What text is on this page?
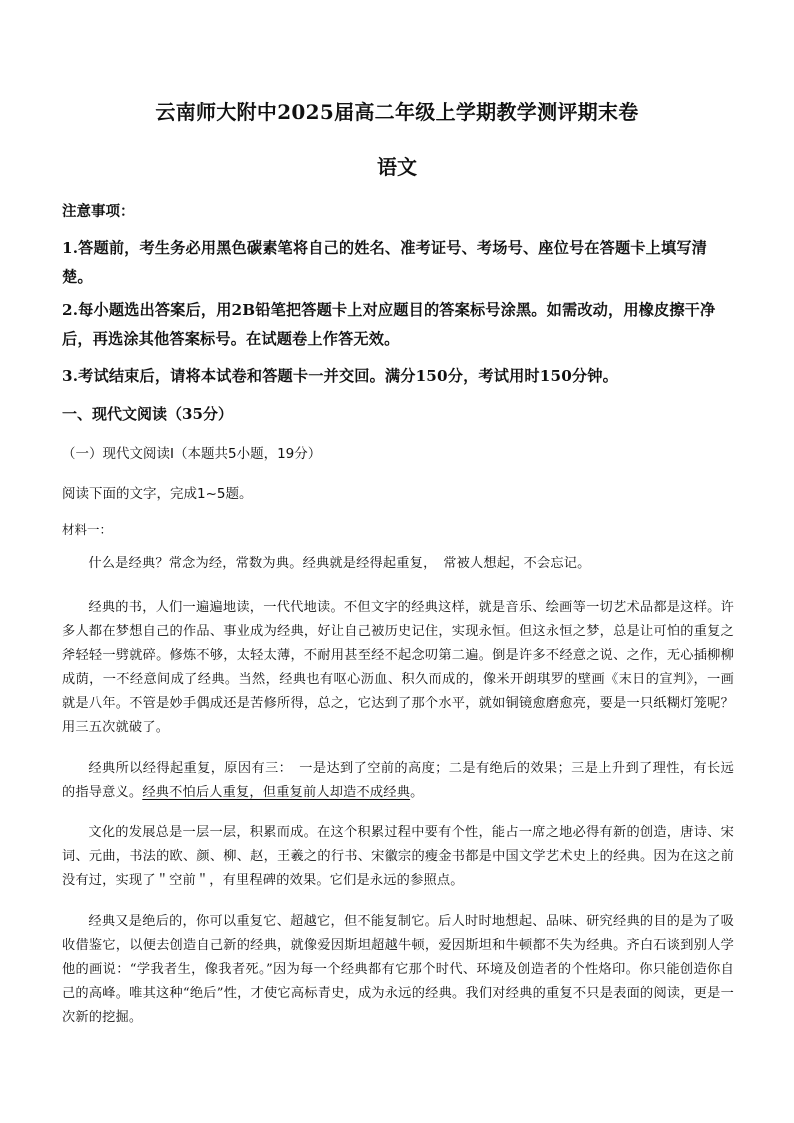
云南师大附中2025届高二年级上学期教学测评期末卷
语文

注意事项：

1.答题前，考生务必用黑色碳素笔将自己的姓名、准考证号、考场号、座位号在答题卡上填写清楚。

2.每小题选出答案后，用2B铅笔把答题卡上对应题目的答案标号涂黑。如需改动，用橡皮擦干净后，再选涂其他答案标号。在试题卷上作答无效。

3.考试结束后，请将本试卷和答题卡一并交回。满分150分，考试用时150分钟。

一、现代文阅读（35分）

（一）现代文阅读Ⅰ（本题共5小题，19分）

阅读下面的文字，完成1~5题。

材料一：

什么是经典？常念为经，常数为典。经典就是经得起重复，　常被人想起，不会忘记。

经典的书，人们一遍遍地读，一代代地读。不但文字的经典这样，就是音乐、绘画等一切艺术品都是这样。许多人都在梦想自己的作品、事业成为经典，好让自己被历史记住，实现永恒。但这永恒之梦，总是让可怕的重复之斧轻轻一劈就碎。修炼不够，太轻太薄，不耐用甚至经不起念叨第二遍。倒是许多不经意之说、之作，无心插柳柳成荫，一不经意间成了经典。当然，经典也有呕心沥血、积久而成的，像米开朗琪罗的壁画《末日的宣判》，一画就是八年。不管是妙手偶成还是苦修所得，总之，它达到了那个水平，就如铜镜愈磨愈亮，要是一只纸糊灯笼呢？用三五次就破了。

经典所以经得起重复，原因有三：　一是达到了空前的高度；二是有绝后的效果；三是上升到了理性，有长远的指导意义。经典不怕后人重复，但重复前人却造不成经典。

文化的发展总是一层一层，积累而成。在这个积累过程中要有个性，能占一席之地必得有新的创造，唐诗、宋词、元曲，书法的欧、颜、柳、赵，王羲之的行书、宋徽宗的瘦金书都是中国文学艺术史上的经典。因为在这之前没有过，实现了＂空前＂，有里程碑的效果。它们是永远的参照点。

经典又是绝后的，你可以重复它、超越它，但不能复制它。后人时时地想起、品味、研究经典的目的是为了吸收借鉴它，以便去创造自己新的经典，就像爱因斯坦超越牛顿，爱因斯坦和牛顿都不失为经典。齐白石谈到别人学他的画说：“学我者生，像我者死。”因为每一个经典都有它那个时代、环境及创造者的个性烙印。你只能创造你自己的高峰。唯其这种“绝后”性，才使它高标青史，成为永远的经典。我们对经典的重复不只是表面的阅读，更是一次新的挖掘。
